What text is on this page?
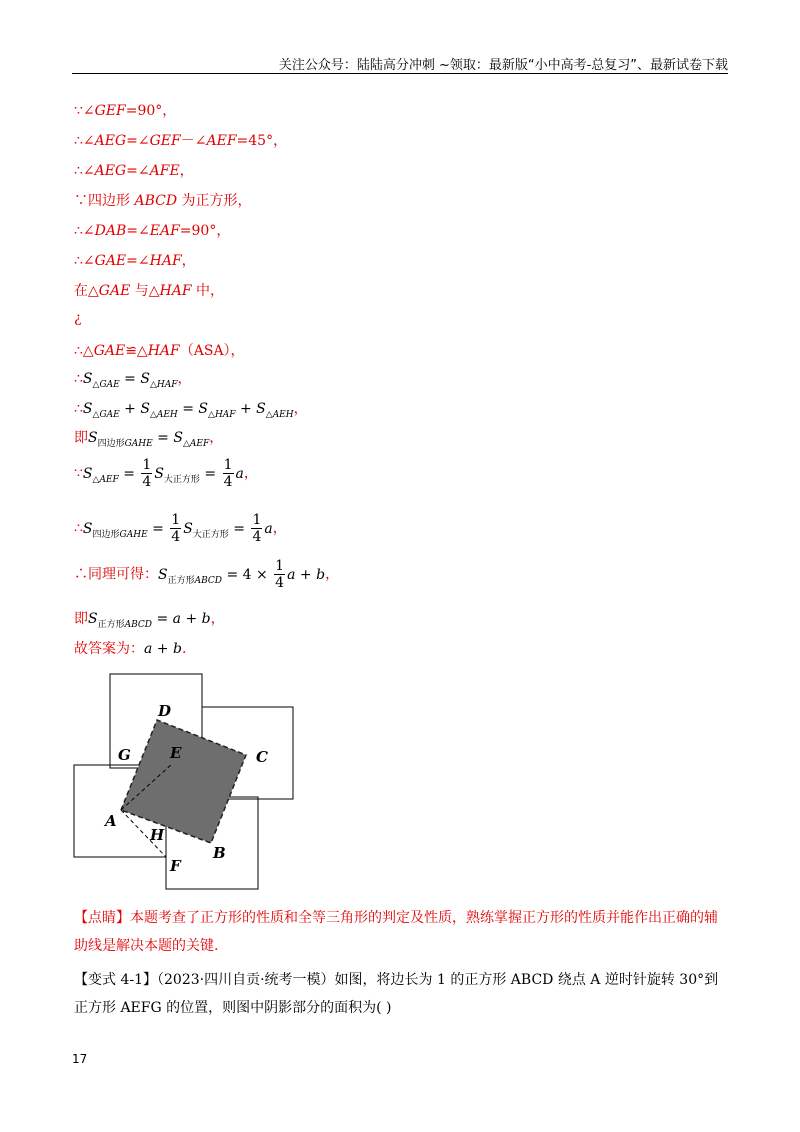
关注公众号：陆陆高分冲刺 ~领取：最新版“小中高考-总复习”、最新试卷下载
∵∠GEF=90°，
∴∠AEG=∠GEF－∠AEF=45°，
∴∠AEG=∠AFE，
∵四边形 ABCD 为正方形，
∴∠DAB=∠EAF=90°，
∴∠GAE=∠HAF，
在△GAE 与△HAF 中，
¿
∴△GAE≌△HAF（ASA），
$\therefore S_{\triangle GAE} = S_{\triangle HAF}$，
$\therefore S_{\triangle GAE} + S_{\triangle AEH} = S_{\triangle HAF} + S_{\triangle AEH}$，
即$S_{四边形GAHE} = S_{\triangle AEF}$，
$\because S_{\triangle AEF} = \frac{1}{4} S_{大正方形} = \frac{1}{4}$ a，
$\therefore S_{四边形GAHE} = \frac{1}{4} S_{大正方形} = \frac{1}{4}$ a，
∴同理可得：$S_{正方形ABCD} = 4 \times \frac{1}{4}$ a + b，
即$S_{正方形ABCD} = a + b$，
故答案为：a + b.
D
G	E	C
A
H
F
B
【点睛】本题考查了正方形的性质和全等三角形的判定及性质，熟练掌握正方形的性质并能作出正确的辅助线是解决本题的关键.
【变式 4-1】（2023·四川自贡·统考一模）如图，将边长为 1 的正方形 ABCD 绕点 A 逆时针旋转 30°到正方形 AEFG 的位置，则图中阴影部分的面积为( )
17
